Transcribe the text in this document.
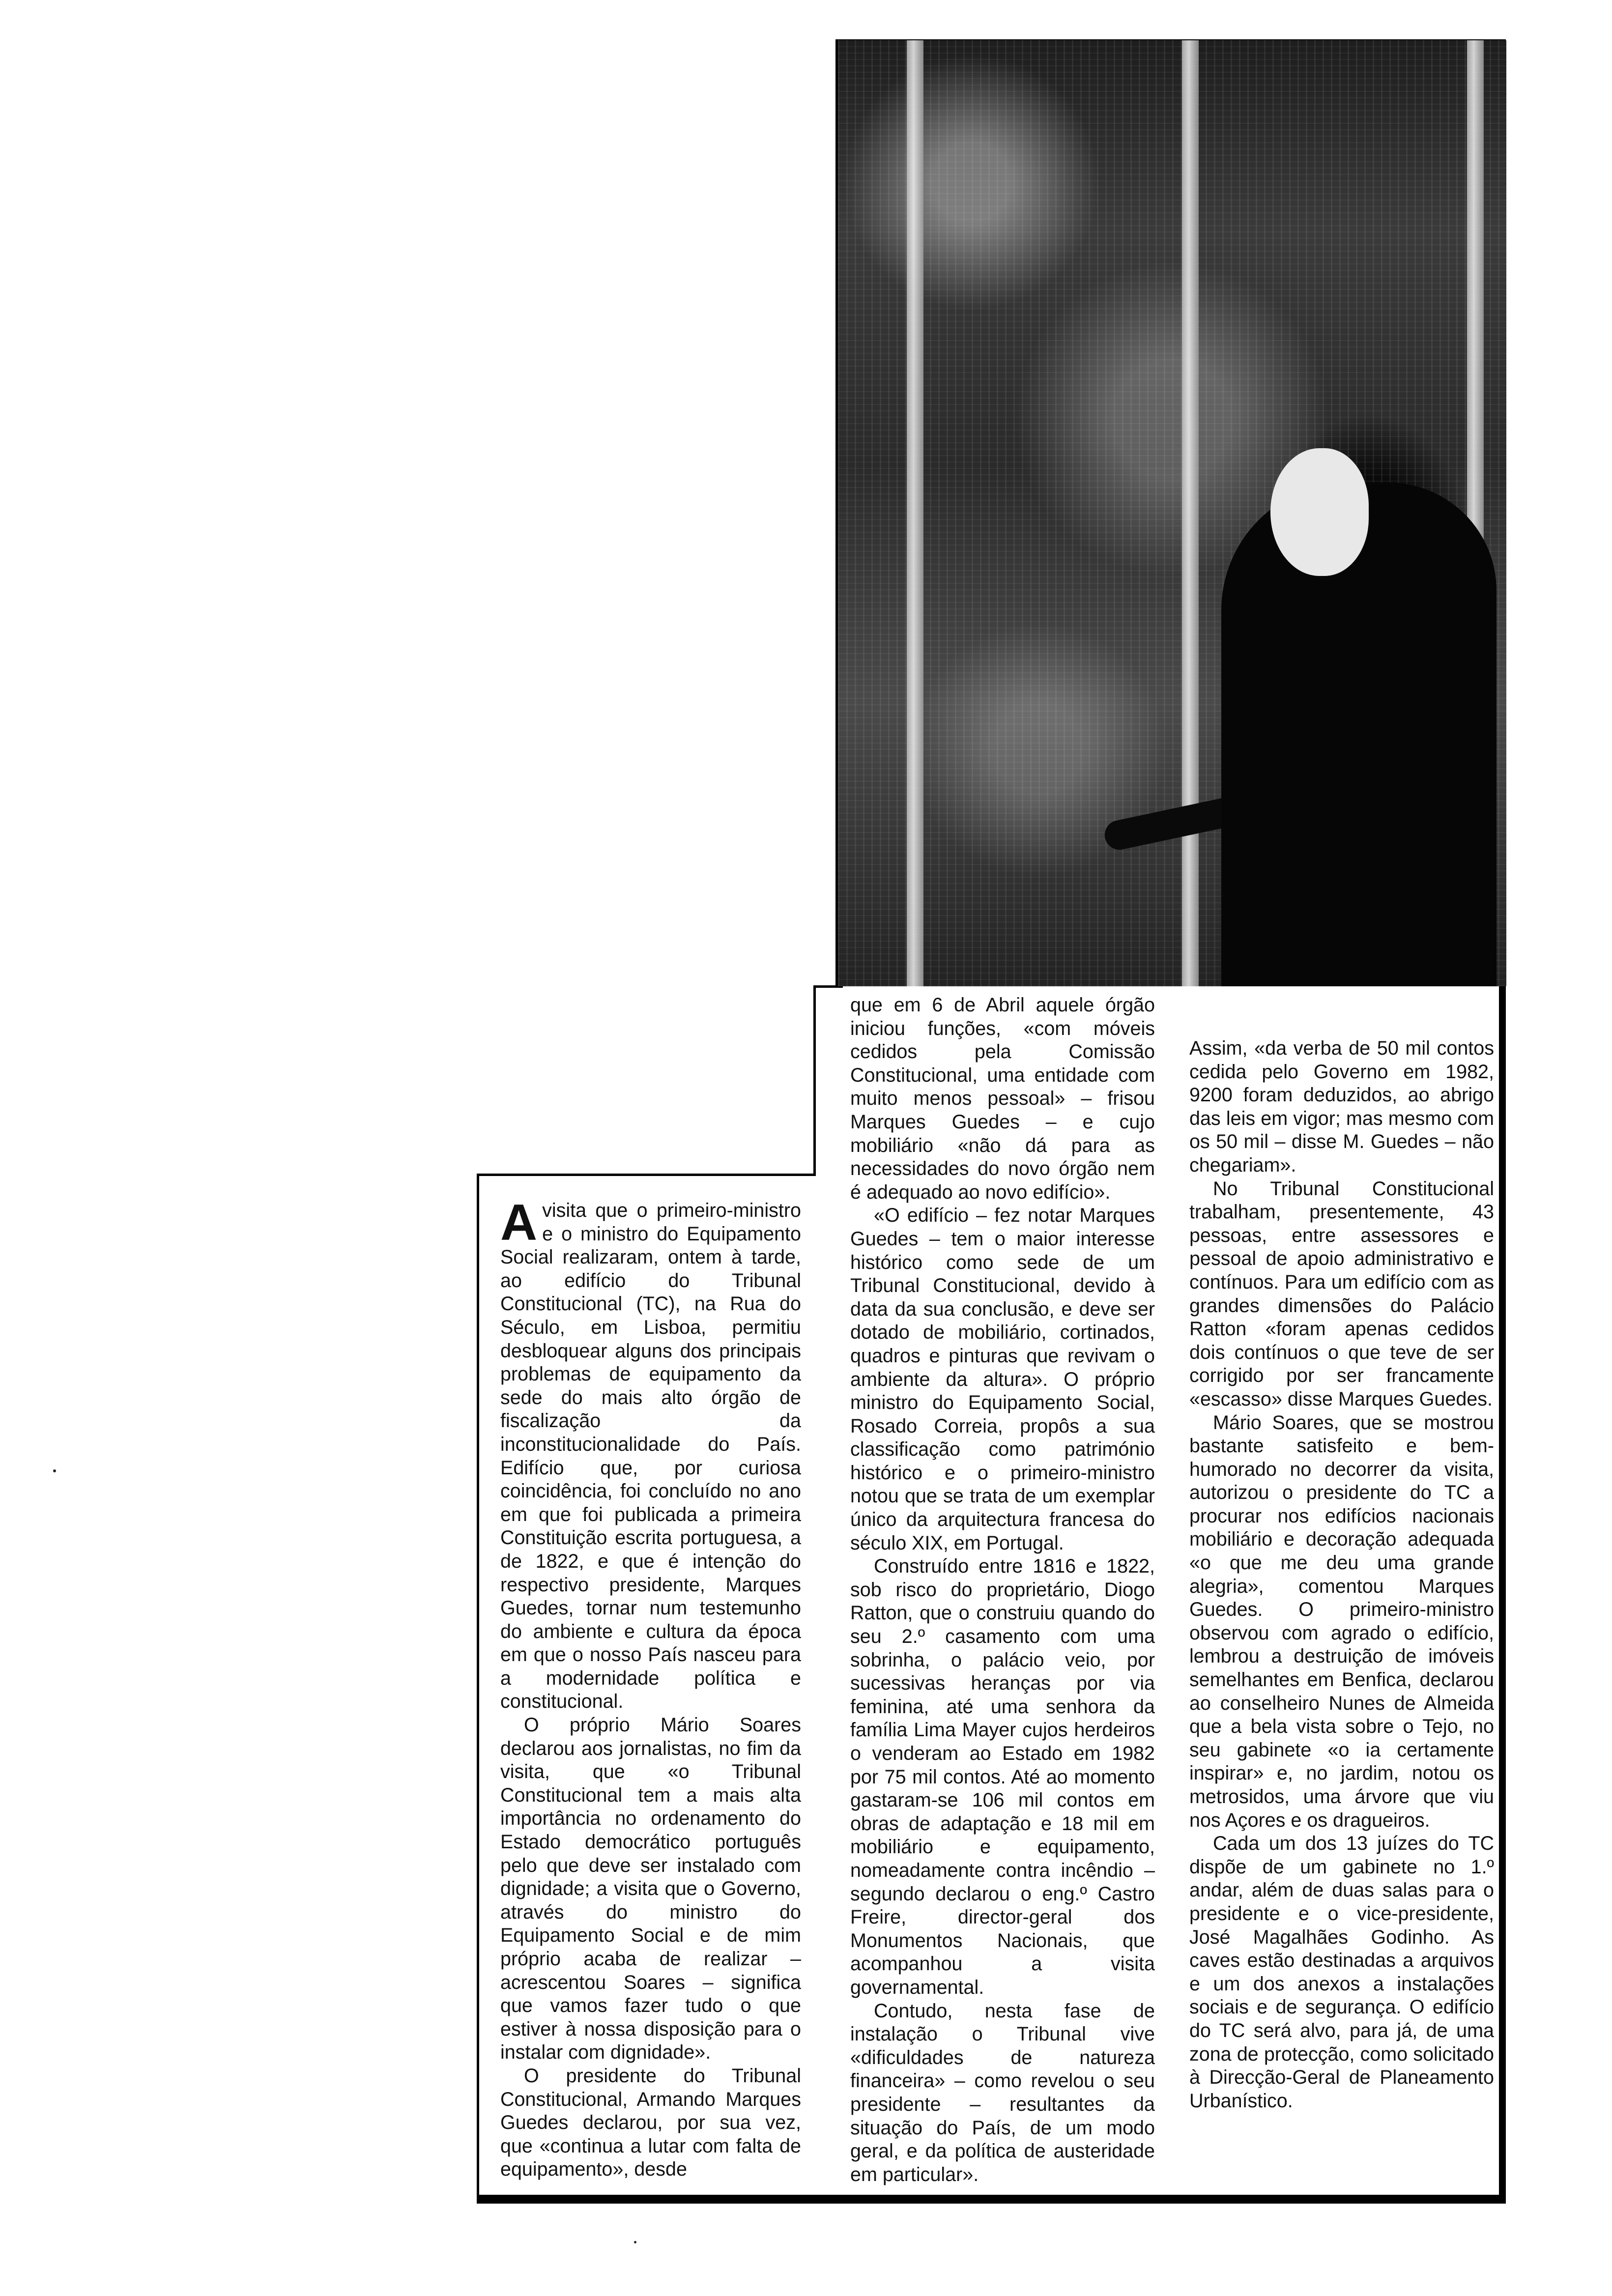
A visita que o primeiro-ministro e o ministro do Equipamento Social realizaram, ontem à tarde, ao edifício do Tribunal Constitucional (TC), na Rua do Século, em Lisboa, permitiu desbloquear alguns dos principais problemas de equipamento da sede do mais alto órgão de fiscalização da inconstitucionalidade do País. Edifício que, por curiosa coincidência, foi concluído no ano em que foi publicada a primeira Constituição escrita portuguesa, a de 1822, e que é intenção do respectivo presidente, Marques Guedes, tornar num testemunho do ambiente e cultura da época em que o nosso País nasceu para a modernidade política e constitucional.

O próprio Mário Soares declarou aos jornalistas, no fim da visita, que «o Tribunal Constitucional tem a mais alta importância no ordenamento do Estado democrático português pelo que deve ser instalado com dignidade; a visita que o Governo, através do ministro do Equipamento Social e de mim próprio acaba de realizar – acrescentou Soares – significa que vamos fazer tudo o que estiver à nossa disposição para o instalar com dignidade».

O presidente do Tribunal Constitucional, Armando Marques Guedes declarou, por sua vez, que «continua a lutar com falta de equipamento», desde

que em 6 de Abril aquele órgão iniciou funções, «com móveis cedidos pela Comissão Constitucional, uma entidade com muito menos pessoal» – frisou Marques Guedes – e cujo mobiliário «não dá para as necessidades do novo órgão nem é adequado ao novo edifício».

«O edifício – fez notar Marques Guedes – tem o maior interesse histórico como sede de um Tribunal Constitucional, devido à data da sua conclusão, e deve ser dotado de mobiliário, cortinados, quadros e pinturas que revivam o ambiente da altura». O próprio ministro do Equipamento Social, Rosado Correia, propôs a sua classificação como património histórico e o primeiro-ministro notou que se trata de um exemplar único da arquitectura francesa do século XIX, em Portugal.

Construído entre 1816 e 1822, sob risco do proprietário, Diogo Ratton, que o construiu quando do seu 2.º casamento com uma sobrinha, o palácio veio, por sucessivas heranças por via feminina, até uma senhora da família Lima Mayer cujos herdeiros o venderam ao Estado em 1982 por 75 mil contos. Até ao momento gastaram-se 106 mil contos em obras de adaptação e 18 mil em mobiliário e equipamento, nomeadamente contra incêndio – segundo declarou o eng.º Castro Freire, director-geral dos Monumentos Nacionais, que acompanhou a visita governamental.

Contudo, nesta fase de instalação o Tribunal vive «dificuldades de natureza financeira» – como revelou o seu presidente – resultantes da situação do País, de um modo geral, e da política de austeridade em particular».

Assim, «da verba de 50 mil contos cedida pelo Governo em 1982, 9200 foram deduzidos, ao abrigo das leis em vigor; mas mesmo com os 50 mil – disse M. Guedes – não chegariam».

No Tribunal Constitucional trabalham, presentemente, 43 pessoas, entre assessores e pessoal de apoio administrativo e contínuos. Para um edifício com as grandes dimensões do Palácio Ratton «foram apenas cedidos dois contínuos o que teve de ser corrigido por ser francamente «escasso» disse Marques Guedes.

Mário Soares, que se mostrou bastante satisfeito e bem-humorado no decorrer da visita, autorizou o presidente do TC a procurar nos edifícios nacionais mobiliário e decoração adequada «o que me deu uma grande alegria», comentou Marques Guedes. O primeiro-ministro observou com agrado o edifício, lembrou a destruição de imóveis semelhantes em Benfica, declarou ao conselheiro Nunes de Almeida que a bela vista sobre o Tejo, no seu gabinete «o ia certamente inspirar» e, no jardim, notou os metrosidos, uma árvore que viu nos Açores e os dragueiros.

Cada um dos 13 juízes do TC dispõe de um gabinete no 1.º andar, além de duas salas para o presidente e o vice-presidente, José Magalhães Godinho. As caves estão destinadas a arquivos e um dos anexos a instalações sociais e de segurança. O edifício do TC será alvo, para já, de uma zona de protecção, como solicitado à Direcção-Geral de Planeamento Urbanístico.
